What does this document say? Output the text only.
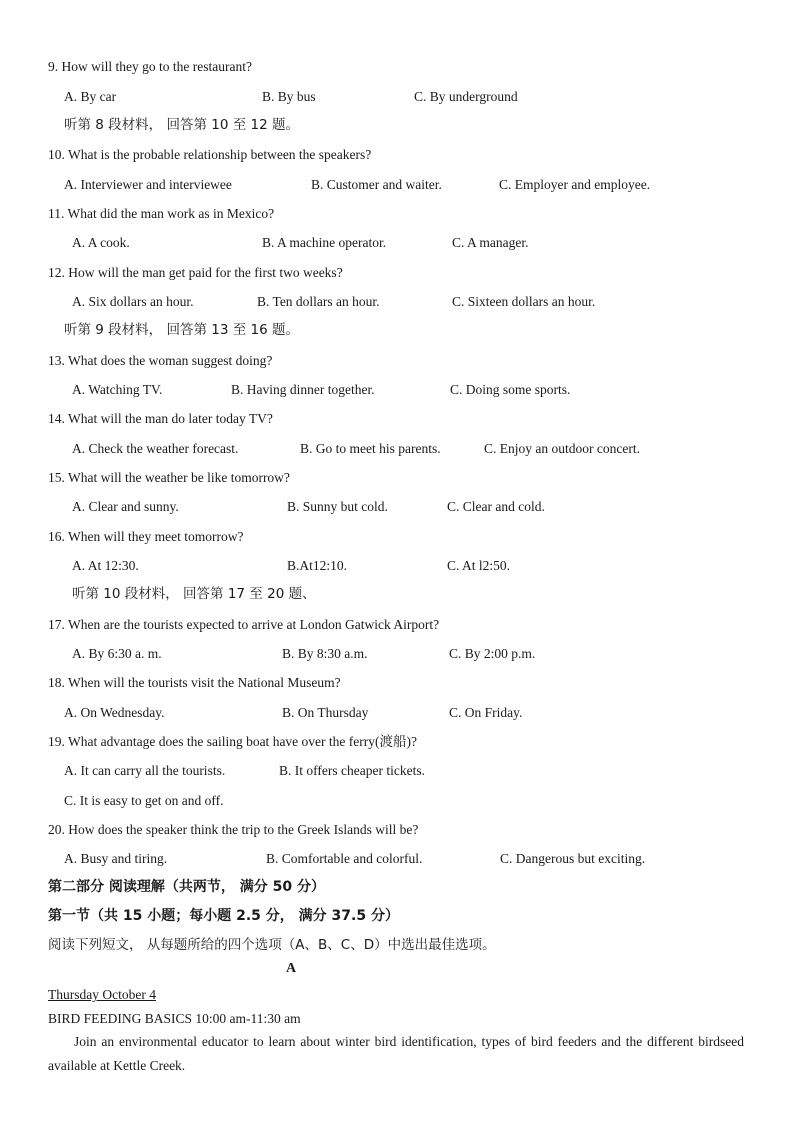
9. How will they go to the restaurant?
A. By car	B. By bus	C. By underground
听第 8 段材料， 回答第 10 至 12 题。
10. What is the probable relationship between the speakers?
A. Interviewer and interviewee	B. Customer and waiter.	C. Employer and employee.
11. What did the man work as in Mexico?
A. A cook.	B. A machine operator.	C. A manager.
12. How will the man get paid for the first two weeks?
A. Six dollars an hour.	B. Ten dollars an hour.	C. Sixteen dollars an hour.
听第 9 段材料， 回答第 13 至 16 题。
13. What does the woman suggest doing?
A. Watching TV.	B. Having dinner together.	C. Doing some sports.
14. What will the man do later today TV?
A. Check the weather forecast.	B. Go to meet his parents.	C. Enjoy an outdoor concert.
15. What will the weather be like tomorrow?
A. Clear and sunny.	B. Sunny but cold.	C. Clear and cold.
16. When will they meet tomorrow?
A. At 12:30.	B.At12:10.	C. At l2:50.
听第 10 段材料， 回答第 17 至 20 题、
17. When are the tourists expected to arrive at London Gatwick Airport?
A. By 6:30 a. m.	B. By 8:30 a.m.	C. By 2:00 p.m.
18. When will the tourists visit the National Museum?
A. On Wednesday.	B. On Thursday	C. On Friday.
19. What advantage does the sailing boat have over the ferry(渡船)?
A. It can carry all the tourists.	B. It offers cheaper tickets.
C. It is easy to get on and off.
20. How does the speaker think the trip to the Greek Islands will be?
A. Busy and tiring.	B. Comfortable and colorful.	C. Dangerous but exciting.
第二部分 阅读理解（共两节， 满分 50 分）
第一节（共 15 小题；每小题 2.5 分， 满分 37.5 分）
阅读下列短文， 从每题所给的四个选项（A、B、C、D）中选出最佳选项。
A
Thursday October 4
BIRD FEEDING BASICS 10:00 am-11:30 am
Join an environmental educator to learn about winter bird identification, types of bird feeders and the different birdseed available at Kettle Creek.
